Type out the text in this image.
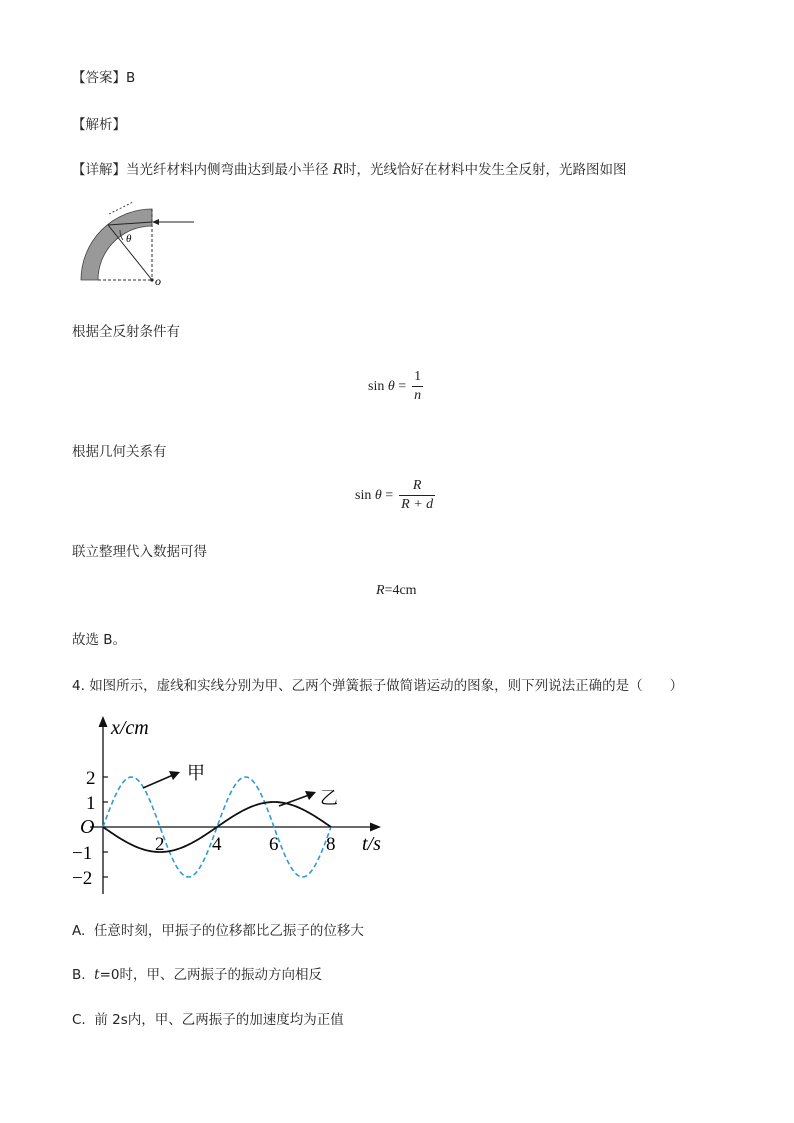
【答案】B
【解析】
【详解】当光纤材料内侧弯曲达到最小半径 R时，光线恰好在材料中发生全反射，光路图如图
θ
o
根据全反射条件有
sin
θ
= $\frac{1}{n}$
根据几何关系有
sin
θ
= $\frac{R}{R + d}$
联立整理代入数据可得
R=4cm
故选 B。
4. 如图所示，虚线和实线分别为甲、乙两个弹簧振子做简谐运动的图象，则下列说法正确的是（　　）
x/cm
t/s
O
2	4	6	8
2
1
−1
−2
甲
乙
A. 任意时刻，甲振子的位移都比乙振子的位移大
B. t=0时，甲、乙两振子的振动方向相反
C. 前 2s内，甲、乙两振子的加速度均为正值
